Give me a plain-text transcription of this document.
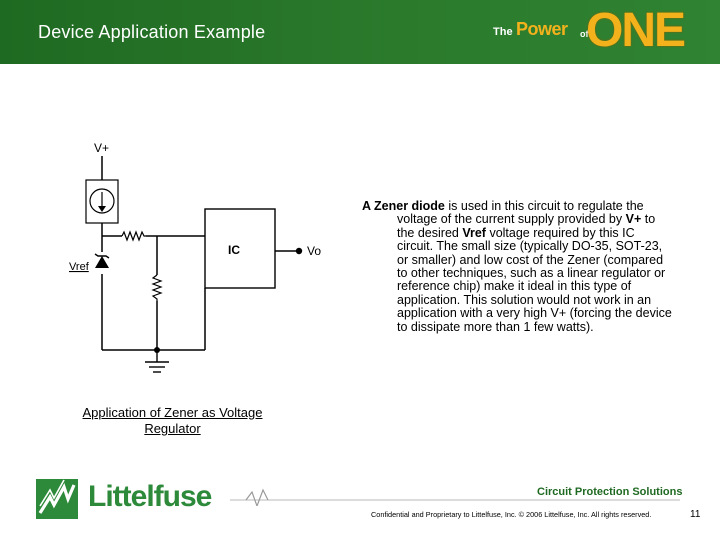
Device Application Example	The Power of
ONE
V+
IC	Vo
Vref
Application of Zener as Voltage Regulator

A Zener diode is used in this circuit to regulate the voltage of the current supply provided by V+ to the desired Vref voltage required by this IC circuit. The small size (typically DO-35, SOT-23, or smaller) and low cost of the Zener (compared to other techniques, such as a linear regulator or reference chip) make it ideal in this type of application. This solution would not work in an application with a very high V+ (forcing the device to dissipate more than 1 few watts).

Littelfuse	Circuit Protection Solutions
Confidential and Proprietary to Littelfuse, Inc. © 2006 Littelfuse, Inc. All rights reserved.	11
